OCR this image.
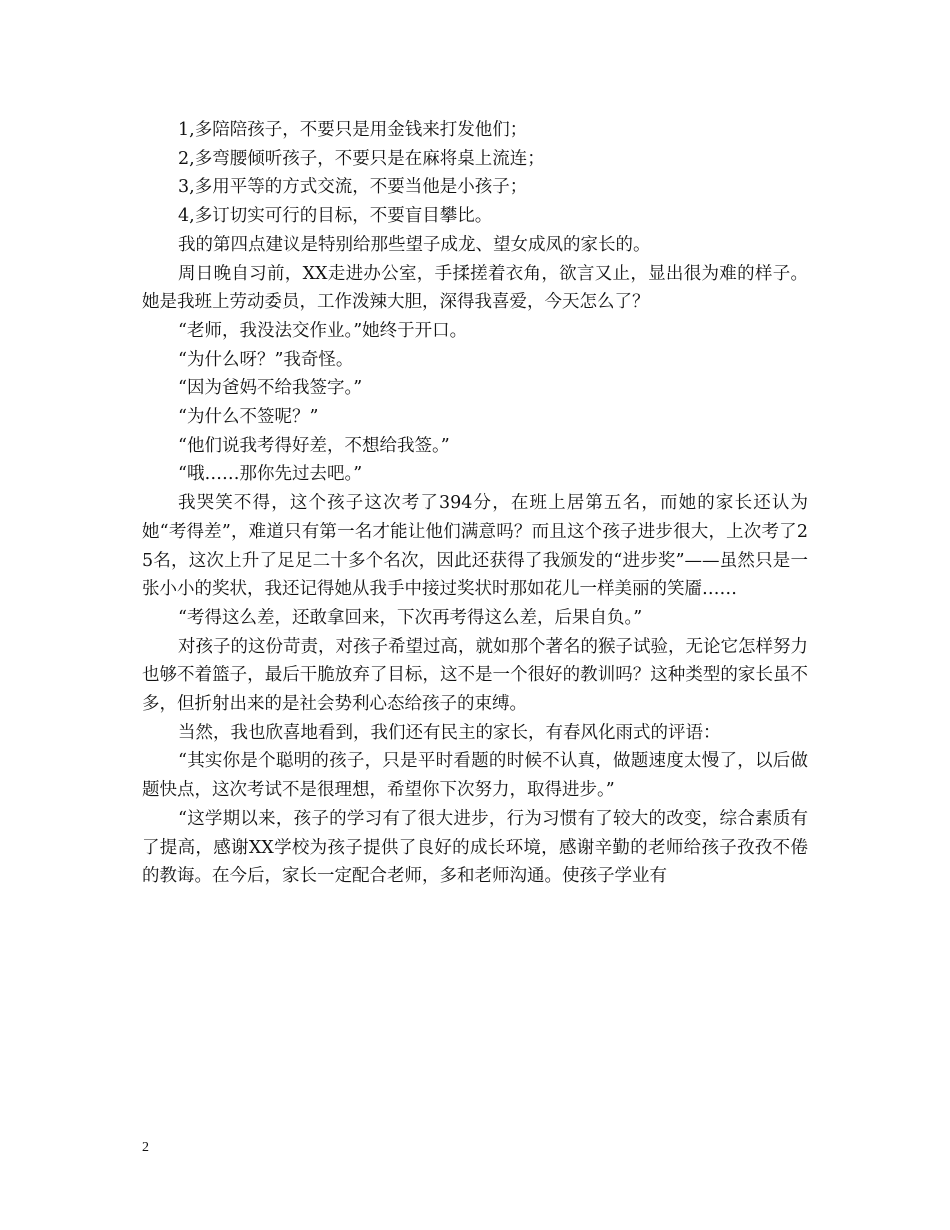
1,多陪陪孩子，不要只是用金钱来打发他们；

2,多弯腰倾听孩子，不要只是在麻将桌上流连；

3,多用平等的方式交流，不要当他是小孩子；

4,多订切实可行的目标，不要盲目攀比。

我的第四点建议是特别给那些望子成龙、望女成凤的家长的。

周日晚自习前，XX走进办公室，手揉搓着衣角，欲言又止，显出很为难的样子。她是我班上劳动委员，工作泼辣大胆，深得我喜爱，今天怎么了？

“老师，我没法交作业。”她终于开口。

“为什么呀？”我奇怪。

“因为爸妈不给我签字。”

“为什么不签呢？”

“他们说我考得好差，不想给我签。”

“哦……那你先过去吧。”

我哭笑不得，这个孩子这次考了394分，在班上居第五名，而她的家长还认为她“考得差”，难道只有第一名才能让他们满意吗？而且这个孩子进步很大，上次考了25名，这次上升了足足二十多个名次，因此还获得了我颁发的“进步奖”——虽然只是一张小小的奖状，我还记得她从我手中接过奖状时那如花儿一样美丽的笑靥……

“考得这么差，还敢拿回来，下次再考得这么差，后果自负。”

对孩子的这份苛责，对孩子希望过高，就如那个著名的猴子试验，无论它怎样努力也够不着篮子，最后干脆放弃了目标，这不是一个很好的教训吗？这种类型的家长虽不多，但折射出来的是社会势利心态给孩子的束缚。

当然，我也欣喜地看到，我们还有民主的家长，有春风化雨式的评语：

“其实你是个聪明的孩子，只是平时看题的时候不认真，做题速度太慢了，以后做题快点，这次考试不是很理想，希望你下次努力，取得进步。”

“这学期以来，孩子的学习有了很大进步，行为习惯有了较大的改变，综合素质有了提高，感谢XX学校为孩子提供了良好的成长环境，感谢辛勤的老师给孩子孜孜不倦的教诲。在今后，家长一定配合老师，多和老师沟通。使孩子学业有

2
